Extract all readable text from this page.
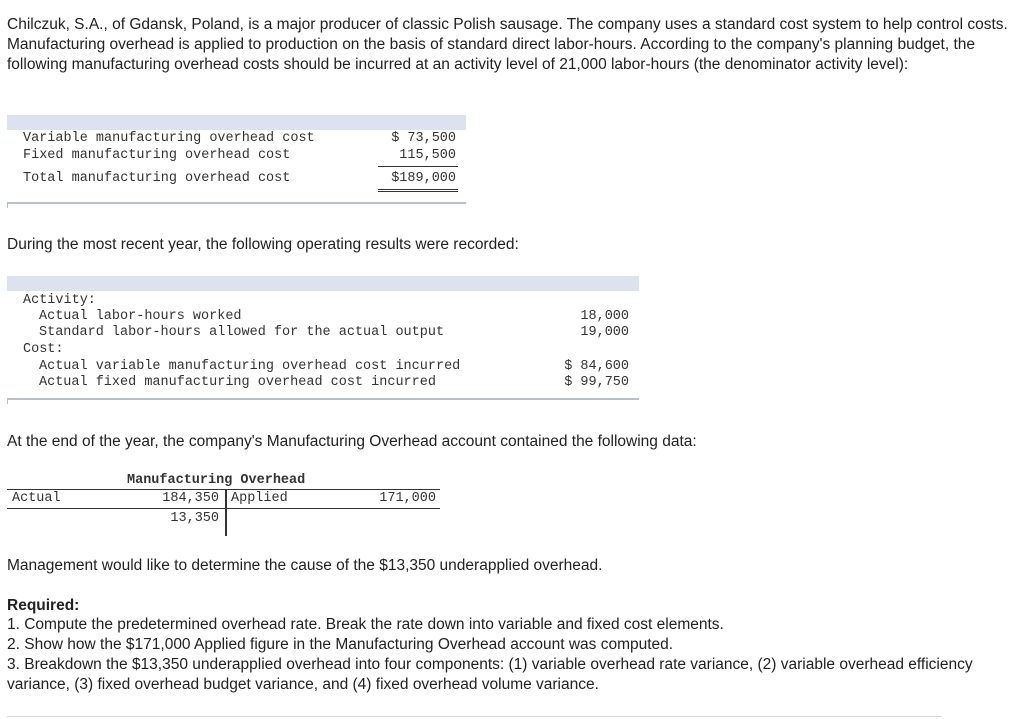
Chilczuk, S.A., of Gdansk, Poland, is a major producer of classic Polish sausage. The company uses a standard cost system to help control costs. Manufacturing overhead is applied to production on the basis of standard direct labor-hours. According to the company's planning budget, the following manufacturing overhead costs should be incurred at an activity level of 21,000 labor-hours (the denominator activity level):

Variable manufacturing overhead cost	$ 73,500
Fixed manufacturing overhead cost	115,500
Total manufacturing overhead cost	$189,000

During the most recent year, the following operating results were recorded:

Activity:
Actual labor-hours worked	18,000
Standard labor-hours allowed for the actual output	19,000
Cost:
Actual variable manufacturing overhead cost incurred	$ 84,600
Actual fixed manufacturing overhead cost incurred	$ 99,750

At the end of the year, the company's Manufacturing Overhead account contained the following data:

Manufacturing Overhead
Actual	184,350 Applied	171,000
13,350

Management would like to determine the cause of the $13,350 underapplied overhead.

Required:

1. Compute the predetermined overhead rate. Break the rate down into variable and fixed cost elements.

2. Show how the $171,000 Applied figure in the Manufacturing Overhead account was computed.

3. Breakdown the $13,350 underapplied overhead into four components: (1) variable overhead rate variance, (2) variable overhead efficiency variance, (3) fixed overhead budget variance, and (4) fixed overhead volume variance.
